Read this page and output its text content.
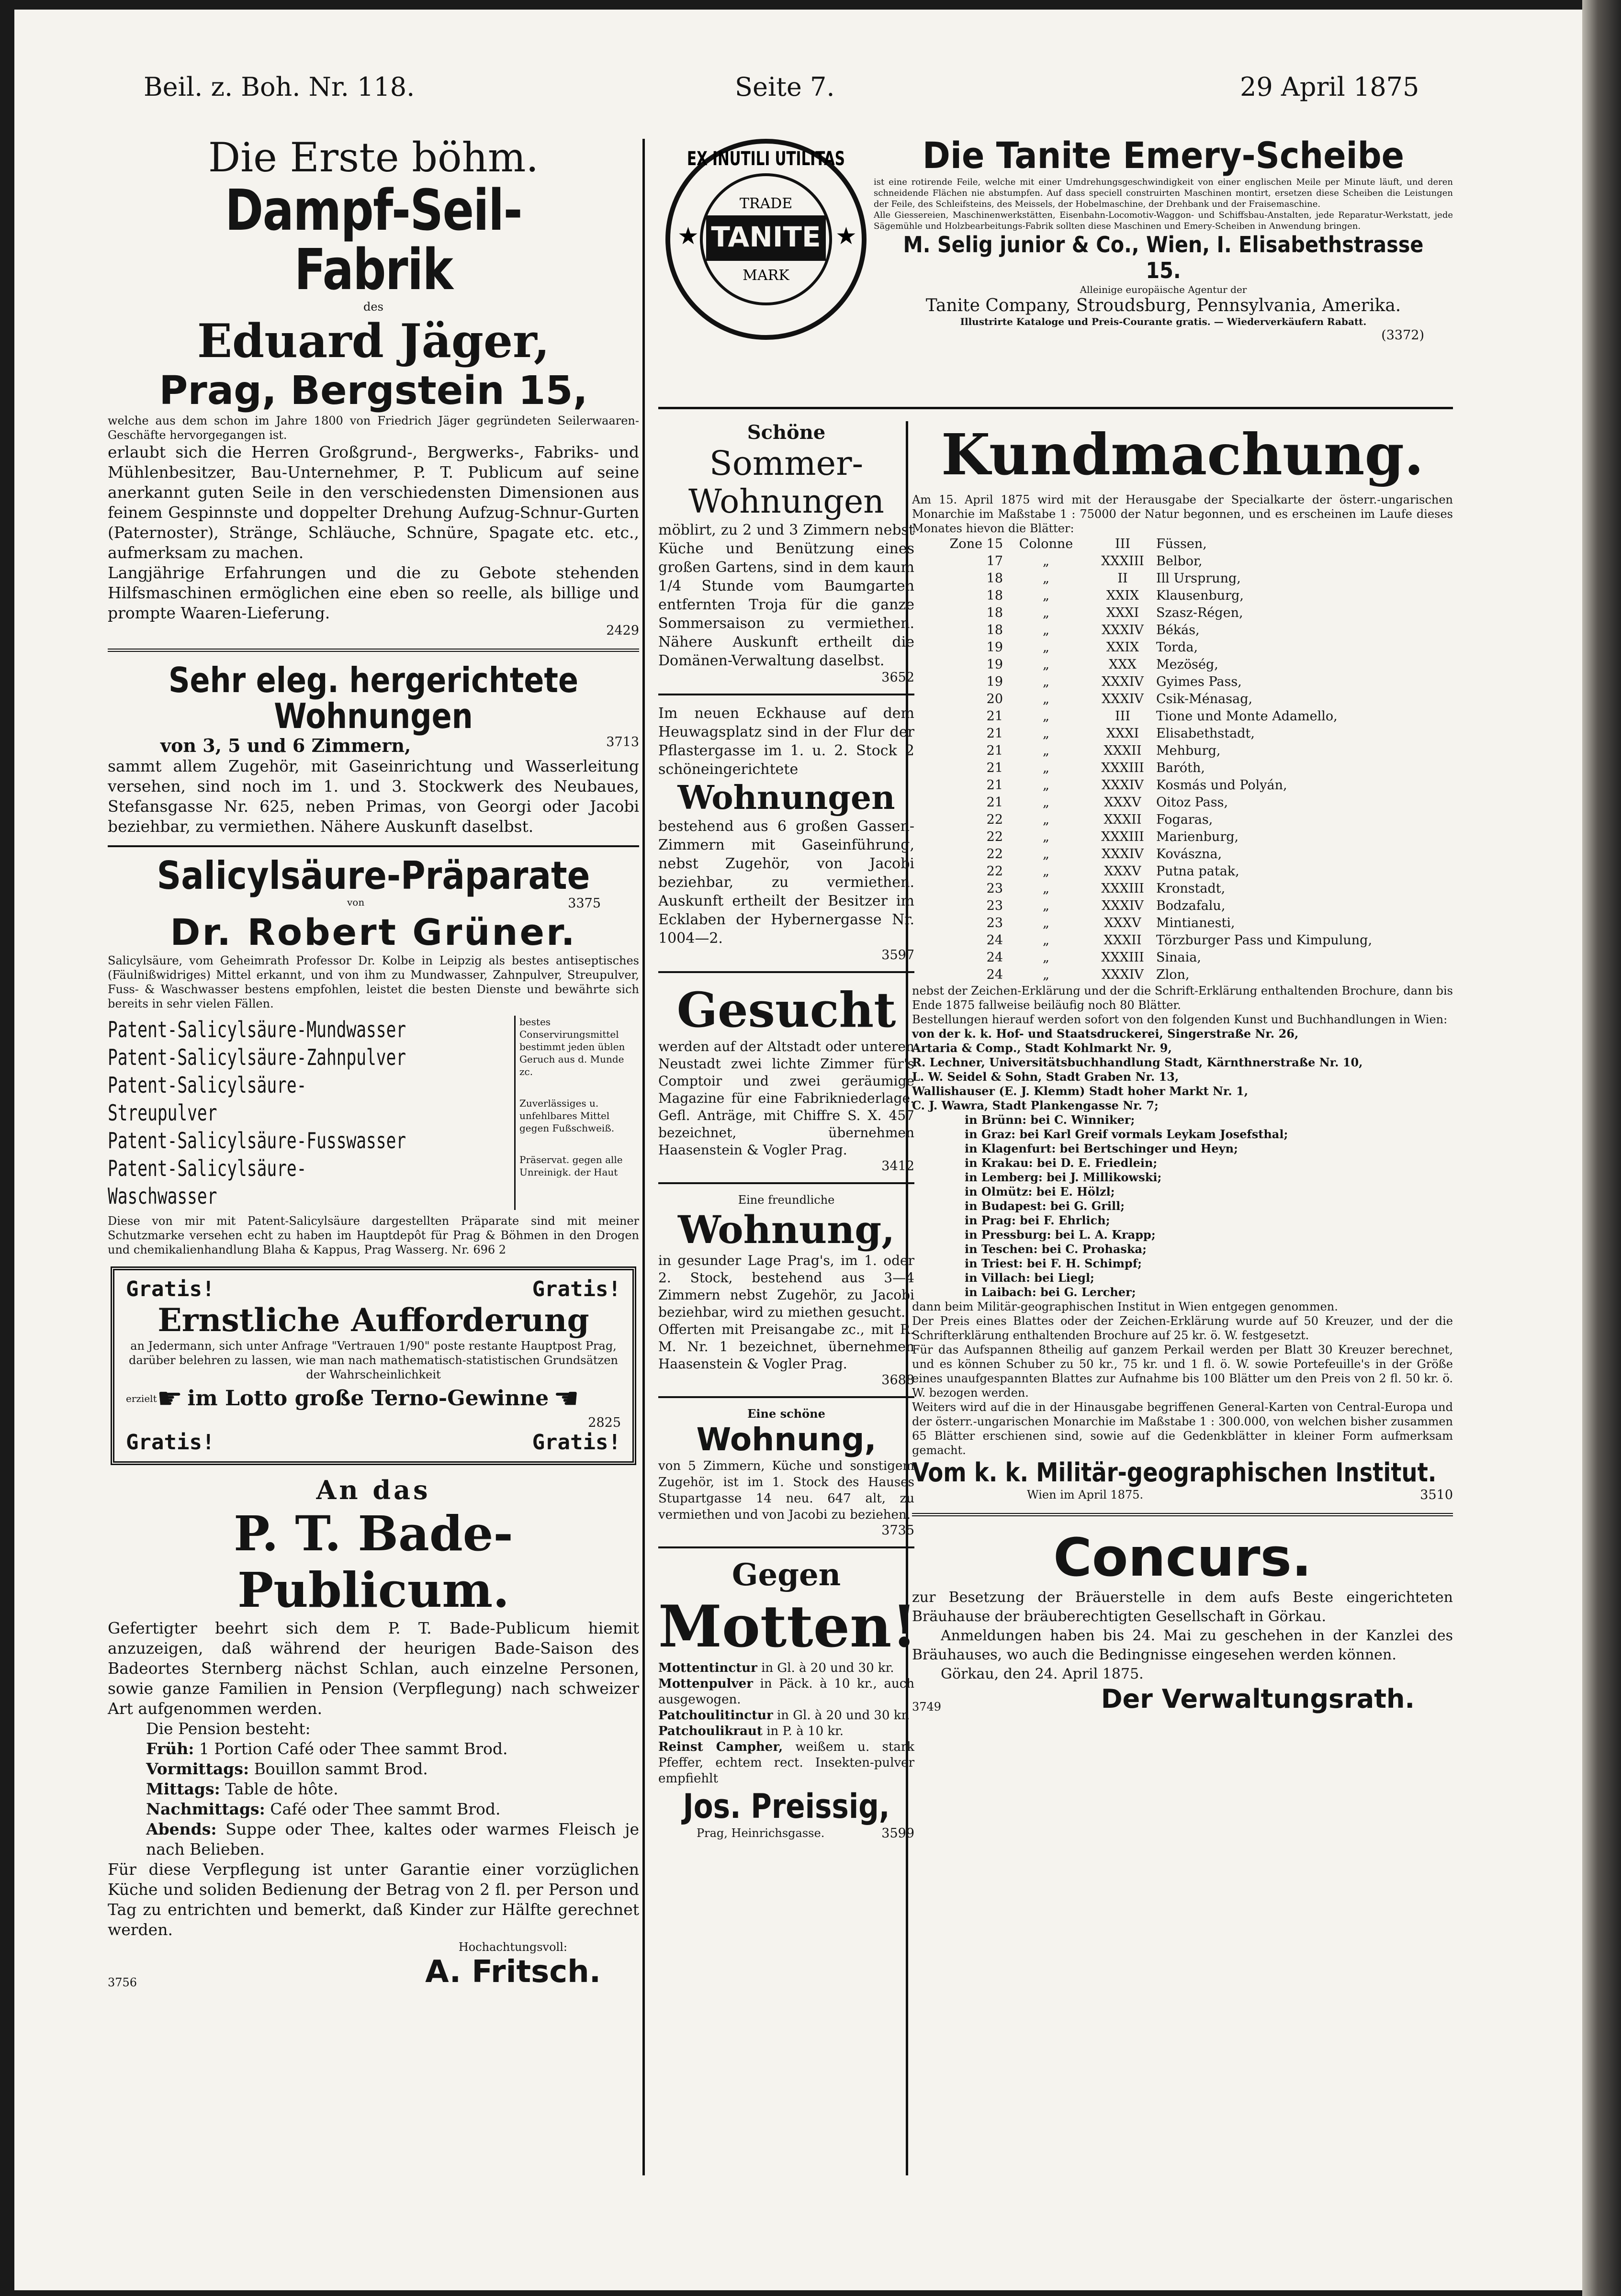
Beil. z. Boh. Nr. 118.	Seite 7.	29 April 1875
Die Erste böhm.
Dampf-Seil-Fabrik
des
Eduard Jäger,
Prag, Bergstein 15,
welche aus dem schon im Jahre 1800 von Friedrich Jäger gegründeten Seilerwaaren-Geschäfte hervorgegangen ist.
erlaubt sich die Herren Großgrund-, Bergwerks-, Fabriks- und Mühlenbesitzer, Bau-Unternehmer, P. T. Publicum auf seine anerkannt guten Seile in den verschiedensten Dimensionen aus feinem Gespinnste und doppelter Drehung Aufzug-Schnur-Gurten (Paternoster), Stränge, Schläuche, Schnüre, Spagate etc. etc., aufmerksam zu machen.
Langjährige Erfahrungen und die zu Gebote stehenden Hilfsmaschinen ermöglichen eine eben so reelle, als billige und prompte Waaren-Lieferung.
2429
Sehr eleg. hergerichtete Wohnungen
von 3, 5 und 6 Zimmern,	3713
sammt allem Zugehör, mit Gaseinrichtung und Wasserleitung versehen, sind noch im 1. und 3. Stockwerk des Neubaues, Stefansgasse Nr. 625, neben Primas, von Georgi oder Jacobi beziehbar, zu vermiethen. Nähere Auskunft daselbst.
Salicylsäure-Präparate
von	3375
Dr. Robert Grüner.
Salicylsäure, vom Geheimrath Professor Dr. Kolbe in Leipzig als bestes antiseptisches (Fäulnißwidriges) Mittel erkannt, und von ihm zu Mundwasser, Zahnpulver, Streupulver, Fuss- & Waschwasser bestens empfohlen, leistet die besten Dienste und bewährte sich bereits in sehr vielen Fällen.
Patent-Salicylsäure-Mundwasser
Patent-Salicylsäure-Zahnpulver
Patent-Salicylsäure-Streupulver
Patent-Salicylsäure-Fusswasser
Patent-Salicylsäure-Waschwasser
bestes Conservirungsmittel bestimmt jeden üblen Geruch aus d. Munde zc.
Zuverlässiges u. unfehlbares Mittel gegen Fußschweiß.
Präservat. gegen alle Unreinigk. der Haut
Diese von mir mit Patent-Salicylsäure dargestellten Präparate sind mit meiner Schutzmarke versehen echt zu haben im Hauptdepôt für Prag & Böhmen in den Drogen und chemikalienhandlung Blaha & Kappus, Prag Wasserg. Nr. 696 2
Gratis!	Gratis!
Ernstliche Aufforderung
an Jedermann, sich unter Anfrage "Vertrauen 1/90" poste restante Hauptpost Prag, darüber belehren zu lassen, wie man nach mathematisch-statistischen Grundsätzen der Wahrscheinlichkeit
erzielt ☛ im Lotto große Terno-Gewinne ☛
2825
Gratis!	Gratis!
An das
P. T. Bade-Publicum.
Gefertigter beehrt sich dem P. T. Bade-Publicum hiemit anzuzeigen, daß während der heurigen Bade-Saison des Badeortes Sternberg nächst Schlan, auch einzelne Personen, sowie ganze Familien in Pension (Verpflegung) nach schweizer Art aufgenommen werden.
Die Pension besteht:
Früh: 1 Portion Café oder Thee sammt Brod.
Vormittags: Bouillon sammt Brod.
Mittags: Table de hôte.
Nachmittags: Café oder Thee sammt Brod.
Abends: Suppe oder Thee, kaltes oder warmes Fleisch je nach Belieben.
Für diese Verpflegung ist unter Garantie einer vorzüglichen Küche und soliden Bedienung der Betrag von 2 fl. per Person und Tag zu entrichten und bemerkt, daß Kinder zur Hälfte gerechnet werden.
Hochachtungsvoll:
3756	A. Fritsch.
TANITE
TRADE
MARK
EX INUTILI UTILITAS
★	★
Die Tanite Emery-Scheibe
ist eine rotirende Feile, welche mit einer Umdrehungsgeschwindigkeit von einer englischen Meile per Minute läuft, und deren schneidende Flächen nie abstumpfen. Auf dass speciell construirten Maschinen montirt, ersetzen diese Scheiben die Leistungen der Feile, des Schleifsteins, des Meissels, der Hobelmaschine, der Drehbank und der Fraisemaschine.
Alle Giessereien, Maschinenwerkstätten, Eisenbahn-Locomotiv-Waggon- und Schiffsbau-Anstalten, jede Reparatur-Werkstatt, jede Sägemühle und Holzbearbeitungs-Fabrik sollten diese Maschinen und Emery-Scheiben in Anwendung bringen.
M. Selig junior & Co., Wien, I. Elisabethstrasse 15.
Alleinige europäische Agentur der
Tanite Company, Stroudsburg, Pennsylvania, Amerika.
Illustrirte Kataloge und Preis-Courante gratis. — Wiederverkäufern Rabatt.
(3372)
Schöne
Sommer-
Wohnungen
möblirt, zu 2 und 3 Zimmern nebst Küche und Benützung eines großen Gartens, sind in dem kaum 1/4 Stunde vom Baumgarten entfernten Troja für die ganze Sommersaison zu vermiethen. Nähere Auskunft ertheilt die Domänen-Verwaltung daselbst.
3652
Im neuen Eckhause auf dem Heuwagsplatz sind in der Flur der Pflastergasse im 1. u. 2. Stock 2 schöneingerichtete
Wohnungen
bestehend aus 6 großen Gassen-Zimmern mit Gaseinführung, nebst Zugehör, von Jacobi beziehbar, zu vermiethen. Auskunft ertheilt der Besitzer im Ecklaben der Hybernergasse Nr. 1004—2.
3597
Gesucht
werden auf der Altstadt oder unteren Neustadt zwei lichte Zimmer für's Comptoir und zwei geräumige Magazine für eine Fabrikniederlage. Gefl. Anträge, mit Chiffre S. X. 457 bezeichnet, übernehmen Haasenstein & Vogler Prag.
3412
Eine freundliche
Wohnung,
in gesunder Lage Prag's, im 1. oder 2. Stock, bestehend aus 3—4 Zimmern nebst Zugehör, zu Jacobi beziehbar, wird zu miethen gesucht.
Offerten mit Preisangabe zc., mit R. M. Nr. 1 bezeichnet, übernehmen Haasenstein & Vogler Prag.
3688
Eine schöne
Wohnung,
von 5 Zimmern, Küche und sonstigem Zugehör, ist im 1. Stock des Hauses Stupartgasse 14 neu. 647 alt, zu vermiethen und von Jacobi zu beziehen.
3735
Gegen
Motten!
Mottentinctur in Gl. à 20 und 30 kr.
Mottenpulver in Päck. à 10 kr., auch ausgewogen.
Patchoulitinctur in Gl. à 20 und 30 kr.
Patchoulikraut in P. à 10 kr.
Reinst Campher, weißem u. stark Pfeffer, echtem rect. Insekten-pulver empfiehlt
Jos. Preissig,
Prag, Heinrichsgasse.	3599
Kundmachung.
Am 15. April 1875 wird mit der Herausgabe der Specialkarte der österr.-ungarischen Monarchie im Maßstabe 1 : 75000 der Natur begonnen, und es erscheinen im Laufe dieses Monates hievon die Blätter:
Zone 15 Colonne	III Füssen,
17	„	XXXIII Belbor,
18	„	II Ill Ursprung,
18	„	XXIX Klausenburg,
18	„	XXXI Szasz-Régen,
18	„	XXXIV Békás,
19	„	XXIX Torda,
19	„	XXX Mezöség,
19	„	XXXIV Gyimes Pass,
20	„	XXXIV Csik-Ménasag,
21	„	III Tione und Monte Adamello,
21	„	XXXI Elisabethstadt,
21	„	XXXII Mehburg,
21	„	XXXIII Baróth,
21	„	XXXIV Kosmás und Polyán,
21	„	XXXV Oitoz Pass,
22	„	XXXII Fogaras,
22	„	XXXIII Marienburg,
22	„	XXXIV Kovászna,
22	„	XXXV Putna patak,
23	„	XXXIII Kronstadt,
23	„	XXXIV Bodzafalu,
23	„	XXXV Mintianesti,
24	„	XXXII Törzburger Pass und Kimpulung,
24	„	XXXIII Sinaia,
24	„	XXXIV Zlon,
nebst der Zeichen-Erklärung und der die Schrift-Erklärung enthaltenden Brochure, dann bis Ende 1875 fallweise beiläufig noch 80 Blätter.
Bestellungen hierauf werden sofort von den folgenden Kunst und Buchhandlungen in Wien:
von der k. k. Hof- und Staatsdruckerei, Singerstraße Nr. 26,
Artaria & Comp., Stadt Kohlmarkt Nr. 9,
R. Lechner, Universitätsbuchhandlung Stadt, Kärnthnerstraße Nr. 10,
L. W. Seidel & Sohn, Stadt Graben Nr. 13,
Wallishauser (E. J. Klemm) Stadt hoher Markt Nr. 1,
C. J. Wawra, Stadt Plankengasse Nr. 7;
in Brünn: bei C. Winniker;
in Graz: bei Karl Greif vormals Leykam Josefsthal;
in Klagenfurt: bei Bertschinger und Heyn;
in Krakau: bei D. E. Friedlein;
in Lemberg: bei J. Millikowski;
in Olmütz: bei E. Hölzl;
in Budapest: bei G. Grill;
in Prag: bei F. Ehrlich;
in Pressburg: bei L. A. Krapp;
in Teschen: bei C. Prohaska;
in Triest: bei F. H. Schimpf;
in Villach: bei Liegl;
in Laibach: bei G. Lercher;
dann beim Militär-geographischen Institut in Wien entgegen genommen.
Der Preis eines Blattes oder der Zeichen-Erklärung wurde auf 50 Kreuzer, und der die Schrifterklärung enthaltenden Brochure auf 25 kr. ö. W. festgesetzt.
Für das Aufspannen 8theilig auf ganzem Perkail werden per Blatt 30 Kreuzer berechnet, und es können Schuber zu 50 kr., 75 kr. und 1 fl. ö. W. sowie Portefeuille's in der Größe eines unaufgespannten Blattes zur Aufnahme bis 100 Blätter um den Preis von 2 fl. 50 kr. ö. W. bezogen werden.
Weiters wird auf die in der Hinausgabe begriffenen General-Karten von Central-Europa und der österr.-ungarischen Monarchie im Maßstabe 1 : 300.000, von welchen bisher zusammen 65 Blätter erschienen sind, sowie auf die Gedenkblätter in kleiner Form aufmerksam gemacht.
Vom k. k. Militär-geographischen Institut.
Wien im April 1875.	3510
Concurs.
zur Besetzung der Bräuerstelle in dem aufs Beste eingerichteten Bräuhause der bräuberechtigten Gesellschaft in Görkau.
Anmeldungen haben bis 24. Mai zu geschehen in der Kanzlei des Bräuhauses, wo auch die Bedingnisse eingesehen werden können.
Görkau, den 24. April 1875.
3749	Der Verwaltungsrath.
